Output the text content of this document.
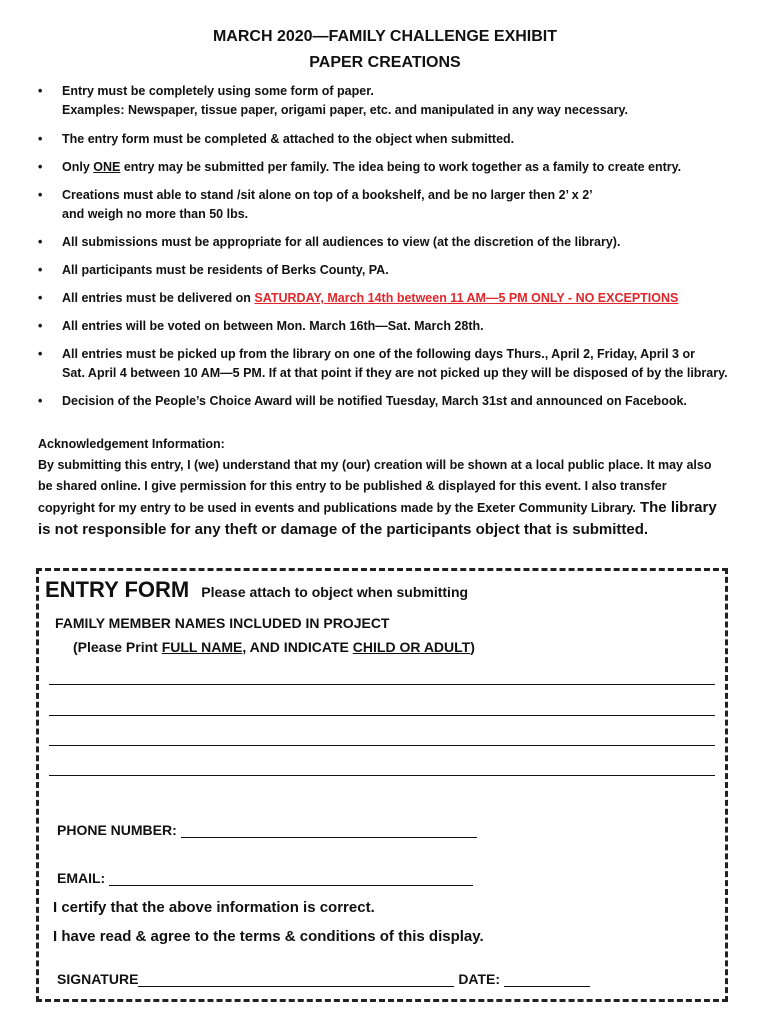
MARCH 2020—FAMILY CHALLENGE EXHIBIT
PAPER CREATIONS
• Entry must be completely using some form of paper.
Examples: Newspaper, tissue paper, origami paper, etc. and manipulated in any way necessary.
• The entry form must be completed & attached to the object when submitted.
• Only ONE entry may be submitted per family. The idea being to work together as a family to create entry.
• Creations must able to stand /sit alone on top of a bookshelf, and be no larger then 2’ x 2’
and weigh no more than 50 lbs.
• All submissions must be appropriate for all audiences to view (at the discretion of the library).
• All participants must be residents of Berks County, PA.
• All entries must be delivered on SATURDAY, March 14th between 11 AM—5 PM ONLY - NO EXCEPTIONS
• All entries will be voted on between Mon. March 16th—Sat. March 28th.
• All entries must be picked up from the library on one of the following days Thurs., April 2, Friday, April 3 or
Sat. April 4 between 10 AM—5 PM. If at that point if they are not picked up they will be disposed of by the library.
• Decision of the People’s Choice Award will be notified Tuesday, March 31st and announced on Facebook.
Acknowledgement Information:
By submitting this entry, I (we) understand that my (our) creation will be shown at a local public place. It may also
be shared online. I give permission for this entry to be published & displayed for this event. I also transfer
copyright for my entry to be used in events and publications made by the Exeter Community Library. The library
is not responsible for any theft or damage of the participants object that is submitted.
ENTRY FORM Please attach to object when submitting
FAMILY MEMBER NAMES INCLUDED IN PROJECT
(Please Print FULL NAME, AND INDICATE CHILD OR ADULT)
PHONE NUMBER:
EMAIL:
I certify that the above information is correct.
I have read & agree to the terms & conditions of this display.
SIGNATURE	DATE:
